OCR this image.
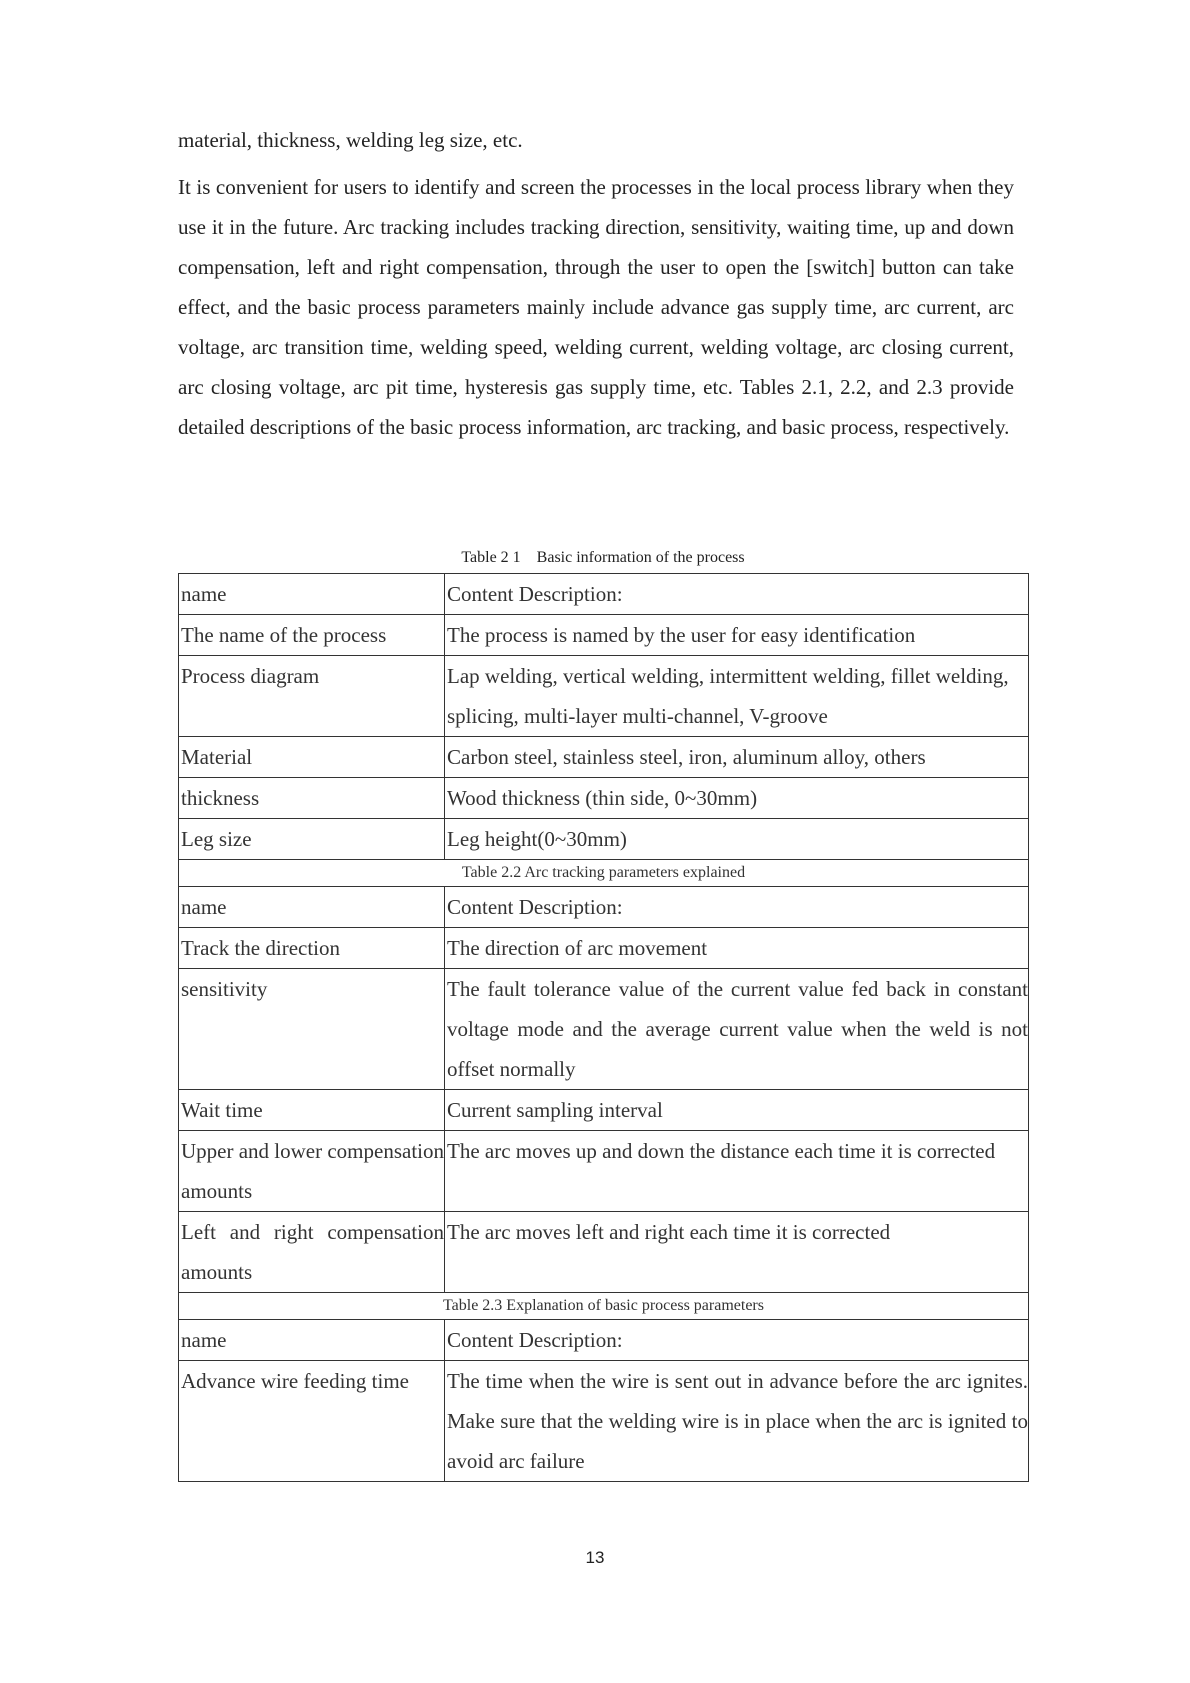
material, thickness, welding leg size, etc.

It is convenient for users to identify and screen the processes in the local process library when they use it in the future. Arc tracking includes tracking direction, sensitivity, waiting time, up and down compensation, left and right compensation, through the user to open the [switch] button can take effect, and the basic process parameters mainly include advance gas supply time, arc current, arc voltage, arc transition time, welding speed, welding current, welding voltage, arc closing current, arc closing voltage, arc pit time, hysteresis gas supply time, etc. Tables 2.1, 2.2, and 2.3 provide detailed descriptions of the basic process information, arc tracking, and basic process, respectively.

Table 2 1    Basic information of the process
name	Content Description:
The name of the process	The process is named by the user for easy identification
Process diagram	Lap welding, vertical welding, intermittent welding, fillet welding, splicing, multi-layer multi-channel, V-groove
Material	Carbon steel, stainless steel, iron, aluminum alloy, others
thickness	Wood thickness (thin side, 0~30mm)
Leg size	Leg height(0~30mm)
Table 2.2 Arc tracking parameters explained	
name	Content Description:
Track the direction	The direction of arc movement
sensitivity	The fault tolerance value of the current value fed back in constant voltage mode and the average current value when the weld is not offset normally
Wait time	Current sampling interval
Upper and lower compensation amounts	The arc moves up and down the distance each time it is corrected
Left and right compensation amounts	The arc moves left and right each time it is corrected
Table 2.3 Explanation of basic process parameters	
name	Content Description:
Advance wire feeding time	The time when the wire is sent out in advance before the arc ignites. Make sure that the welding wire is in place when the arc is ignited to avoid arc failure
13
